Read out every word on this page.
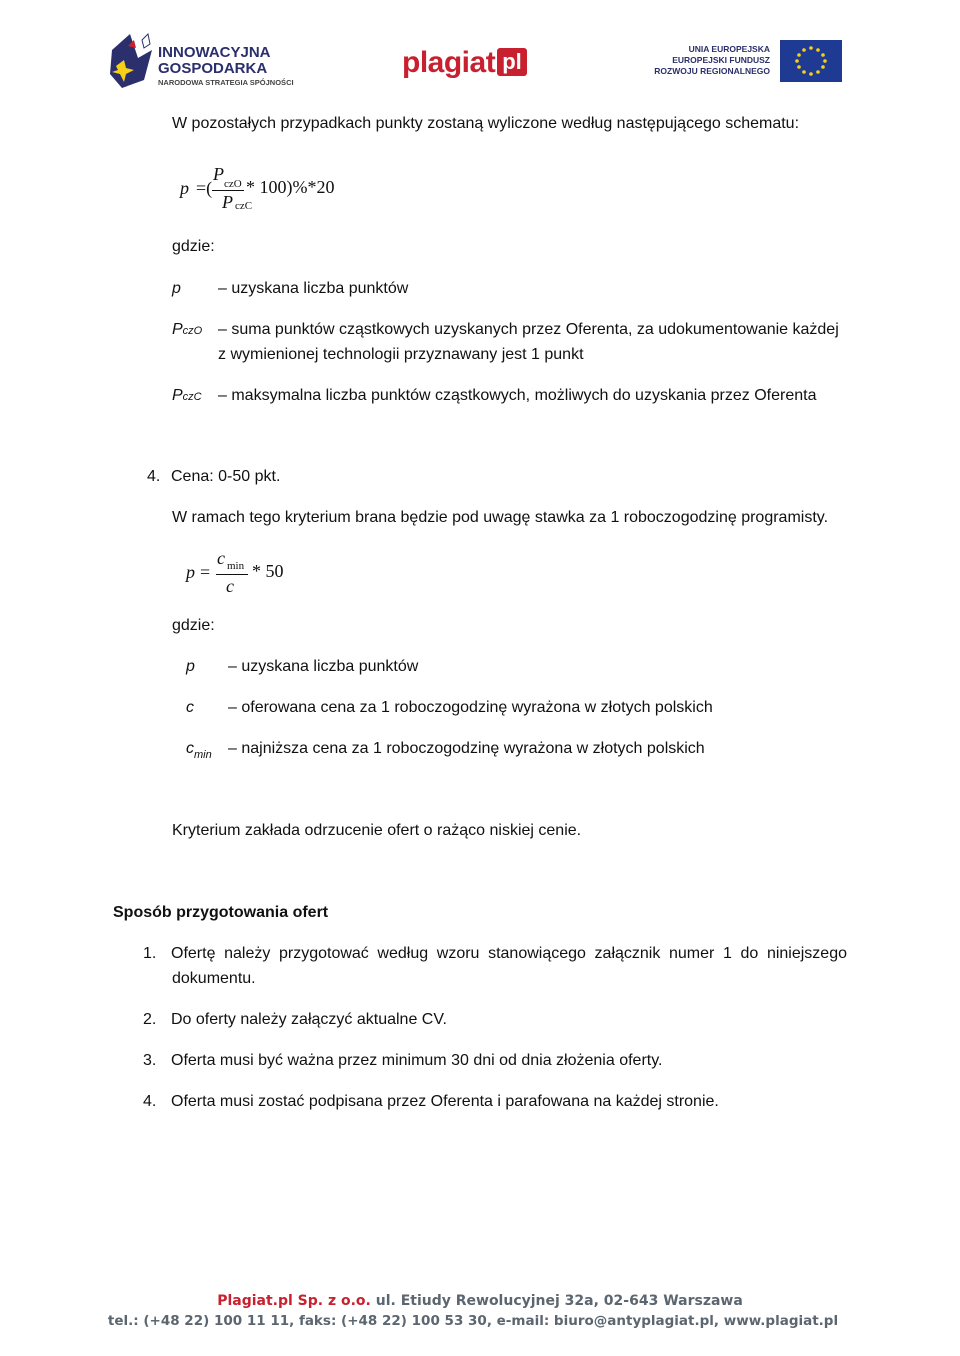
INNOWACYJNA
GOSPODARKA
NARODOWA STRATEGIA SPÓJNOŚCI
plagiat pl	UNIA EUROPEJSKA
EUROPEJSKI FUNDUSZ
ROZWOJU REGIONALNEGO
W pozostałych przypadkach punkty zostaną wyliczone według następującego schematu:
p =(
P czO
P czC
* 100)%*20
gdzie:
p – uzyskana liczba punktów
PczO – suma punktów cząstkowych uzyskanych przez Oferenta, za udokumentowanie każdej
z wymienionej technologii przyznawany jest 1 punkt
PczC – maksymalna liczba punktów cząstkowych, możliwych do uzyskania przez Oferenta
4. Cena: 0-50 pkt.
W ramach tego kryterium brana będzie pod uwagę stawka za 1 roboczogodzinę programisty.
p =
c min
c
* 50
gdzie:
p – uzyskana liczba punktów
c – oferowana cena za 1 roboczogodzinę wyrażona w złotych polskich
$c_{min}$ – najniższa cena za 1 roboczogodzinę wyrażona w złotych polskich
Kryterium zakłada odrzucenie ofert o rażąco niskiej cenie.
Sposób przygotowania ofert
1. Ofertę należy przygotować według wzoru stanowiącego załącznik numer 1 do niniejszego
dokumentu.
2. Do oferty należy załączyć aktualne CV.
3. Oferta musi być ważna przez minimum 30 dni od dnia złożenia oferty.
4. Oferta musi zostać podpisana przez Oferenta i parafowana na każdej stronie.
Plagiat.pl Sp. z o.o. ul. Etiudy Rewolucyjnej 32a, 02-643 Warszawa
tel.: (+48 22) 100 11 11, faks: (+48 22) 100 53 30, e-mail: biuro@antyplagiat.pl, www.plagiat.pl
